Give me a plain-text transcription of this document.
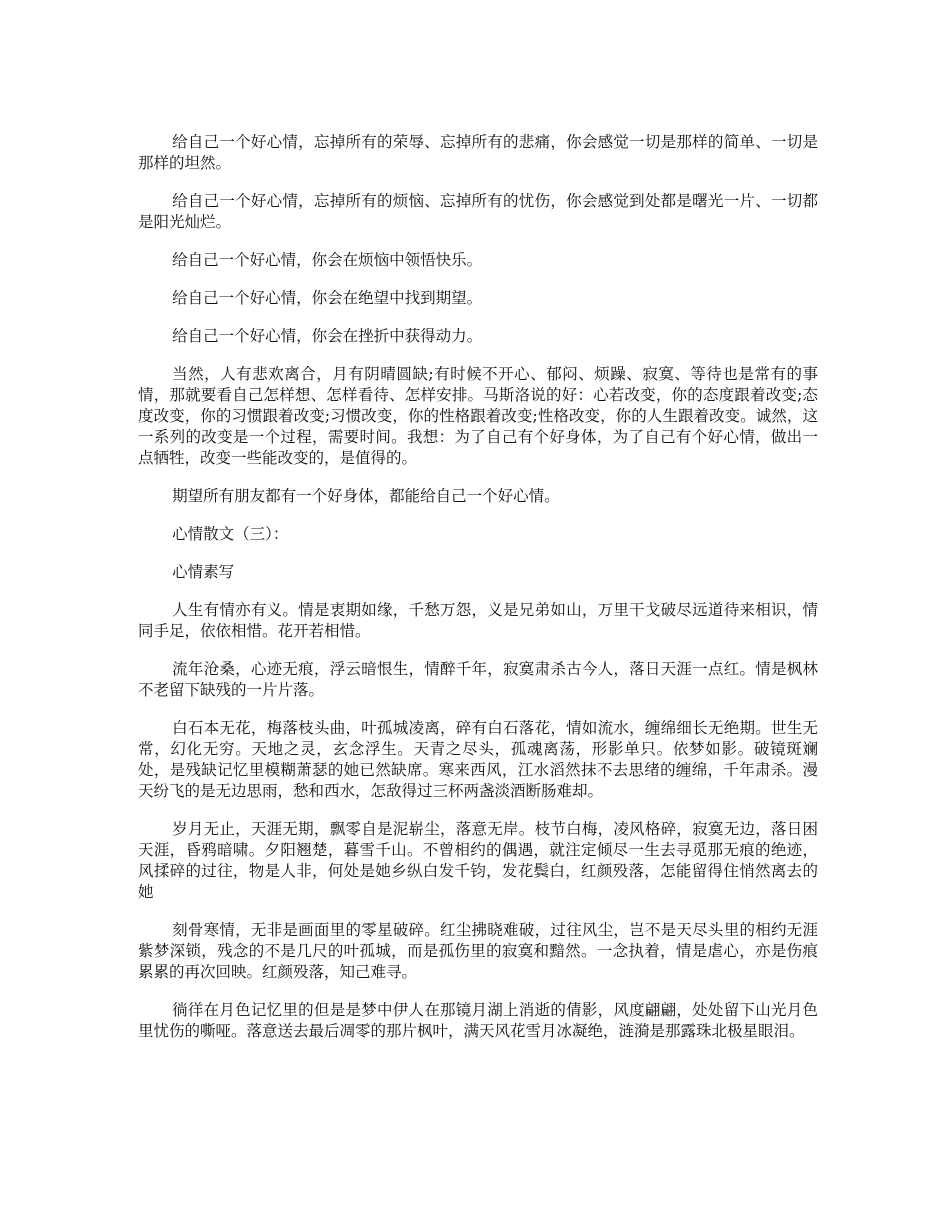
给自己一个好心情，忘掉所有的荣辱、忘掉所有的悲痛，你会感觉一切是那样的简单、一切是那样的坦然。

给自己一个好心情，忘掉所有的烦恼、忘掉所有的忧伤，你会感觉到处都是曙光一片、一切都是阳光灿烂。

给自己一个好心情，你会在烦恼中领悟快乐。

给自己一个好心情，你会在绝望中找到期望。

给自己一个好心情，你会在挫折中获得动力。

当然，人有悲欢离合，月有阴晴圆缺;有时候不开心、郁闷、烦躁、寂寞、等待也是常有的事情，那就要看自己怎样想、怎样看待、怎样安排。马斯洛说的好：心若改变，你的态度跟着改变;态度改变，你的习惯跟着改变;习惯改变，你的性格跟着改变;性格改变，你的人生跟着改变。诚然，这一系列的改变是一个过程，需要时间。我想：为了自己有个好身体，为了自己有个好心情，做出一点牺牲，改变一些能改变的，是值得的。

期望所有朋友都有一个好身体，都能给自己一个好心情。

心情散文（三）：

心情素写

人生有情亦有义。情是衷期如缘，千愁万怨，义是兄弟如山，万里干戈破尽远道待来相识，情同手足，依依相惜。花开若相惜。

流年沧桑，心迹无痕，浮云暗恨生，情醉千年，寂寞肃杀古今人，落日天涯一点红。情是枫林不老留下缺残的一片片落。

白石本无花，梅落枝头曲，叶孤城凌离，碎有白石落花，情如流水，缠绵细长无绝期。世生无常，幻化无穷。天地之灵，玄念浮生。天青之尽头，孤魂离荡，形影单只。依梦如影。破镜斑斓处，是残缺记忆里模糊萧瑟的她已然缺席。寒来西风，江水滔然抹不去思绪的缠绵，千年肃杀。漫天纷飞的是无边思雨，愁和西水，怎敌得过三杯两盏淡酒断肠难却。

岁月无止，天涯无期，飘零自是泥崭尘，落意无岸。枝节白梅，凌风格碎，寂寞无边，落日困天涯，昏鸦暗啸。夕阳翘楚，暮雪千山。不曾相约的偶遇，就注定倾尽一生去寻觅那无痕的绝迹，风揉碎的过往，物是人非，何处是她乡纵白发千钧，发花鬓白，红颜殁落，怎能留得住悄然离去的她

刻骨寒情，无非是画面里的零星破碎。红尘拂晓难破，过往风尘，岂不是天尽头里的相约无涯紫梦深锁，残念的不是几尺的叶孤城，而是孤伤里的寂寞和黯然。一念执着，情是虐心，亦是伤痕累累的再次回映。红颜殁落，知己难寻。

徜徉在月色记忆里的但是是梦中伊人在那镜月湖上消逝的倩影，风度翩翩，处处留下山光月色里忧伤的嘶哑。落意送去最后凋零的那片枫叶，满天风花雪月冰凝绝，涟漪是那露珠北极星眼泪。
